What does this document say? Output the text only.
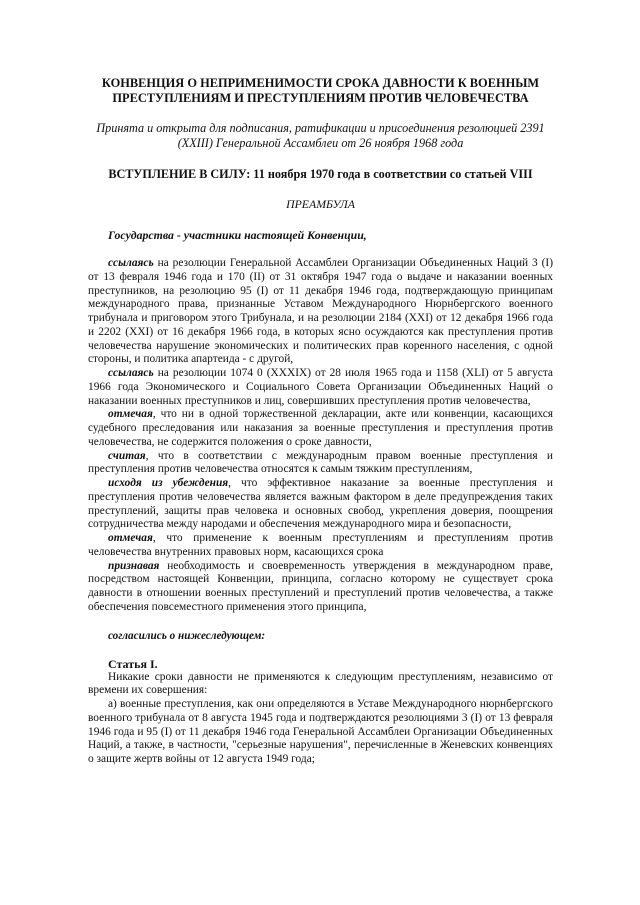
КОНВЕНЦИЯ О НЕПРИМЕНИМОСТИ СРОКА ДАВНОСТИ К ВОЕННЫМ
ПРЕСТУПЛЕНИЯМ И ПРЕСТУПЛЕНИЯМ ПРОТИВ ЧЕЛОВЕЧЕСТВА

Принята и открыта для подписания, ратификации и присоединения резолюцией 2391
(XXIII) Генеральной Ассамблеи от 26 ноября 1968 года

ВСТУПЛЕНИЕ В СИЛУ: 11 ноября 1970 года в соответствии со статьей VIII

ПРЕАМБУЛА

Государства - участники настоящей Конвенции,

ссылаясь на резолюции Генеральной Ассамблеи Организации Объединенных Наций 3 (I) от 13 февраля 1946 года и 170 (II) от 31 октября 1947 года о выдаче и наказании военных преступников, на резолюцию 95 (I) от 11 декабря 1946 года, подтверждающую принципам международного права, признанные Уставом Международного Нюрнбергского военного трибунала и приговором этого Трибунала, и на резолюции 2184 (XXI) от 12 декабря 1966 года и 2202 (XXI) от 16 декабря 1966 года, в которых ясно осуждаются как преступления против человечества нарушение экономических и политических прав коренного населения, с одной стороны, и политика апартеида - с другой,

ссылаясь на резолюции 1074 0 (XXXIX) от 28 июля 1965 года и 1158 (XLI) от 5 августа 1966 года Экономического и Социального Совета Организации Объединенных Наций о наказании военных преступников и лиц, совершивших преступления против человечества,

отмечая, что ни в одной торжественной декларации, акте или конвенции, касающихся судебного преследования или наказания за военные преступления и преступления против человечества, не содержится положения о сроке давности,

считая, что в соответствии с международным правом военные преступления и преступления против человечества относятся к самым тяжким преступлениям,

исходя из убеждения, что эффективное наказание за военные преступления и преступления против человечества является важным фактором в деле предупреждения таких преступлений, защиты прав человека и основных свобод, укрепления доверия, поощрения сотрудничества между народами и обеспечения международного мира и безопасности,

отмечая, что применение к военным преступлениям и преступлениям против человечества внутренних правовых норм, касающихся срока

признавая необходимость и своевременность утверждения в международном праве, посредством настоящей Конвенции, принципа, согласно которому не существует срока давности в отношении военных преступлений и преступлений против человечества, а также обеспечения повсеместного применения этого принципа,

согласились о нижеследующем:

Статья I.

Никакие сроки давности не применяются к следующим преступлениям, независимо от времени их совершения:

а) военные преступления, как они определяются в Уставе Международного нюрнбергского военного трибунала от 8 августа 1945 года и подтверждаются резолюциями 3 (I) от 13 февраля 1946 года и 95 (I) от 11 декабря 1946 года Генеральной Ассамблеи Организации Объединенных Наций, а также, в частности, "серьезные нарушения", перечисленные в Женевских конвенциях о защите жертв войны от 12 августа 1949 года;
